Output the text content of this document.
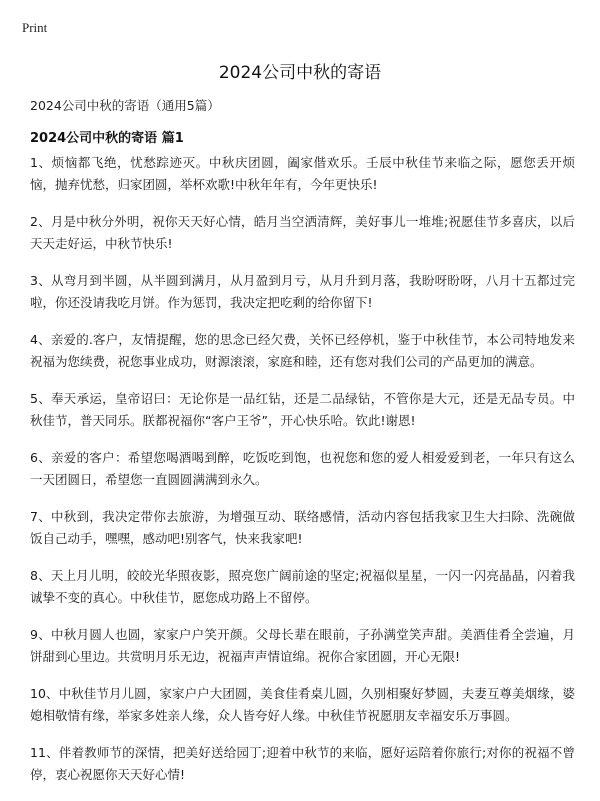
Print
2024公司中秋的寄语

2024公司中秋的寄语（通用5篇）

2024公司中秋的寄语 篇1

1、烦恼都飞绝，忧愁踪迹灭。中秋庆团圆，阖家偕欢乐。壬辰中秋佳节来临之际，愿您丢开烦恼，抛弃忧愁，归家团圆，举杯欢歌!中秋年年有，今年更快乐!

2、月是中秋分外明，祝你天天好心情，皓月当空洒清辉，美好事儿一堆堆;祝愿佳节多喜庆，以后天天走好运，中秋节快乐!

3、从弯月到半圆，从半圆到满月，从月盈到月亏，从月升到月落，我盼呀盼呀，八月十五都过完啦，你还没请我吃月饼。作为惩罚，我决定把吃剩的给你留下!

4、亲爱的.客户，友情提醒，您的思念已经欠费，关怀已经停机，鉴于中秋佳节，本公司特地发来祝福为您续费，祝您事业成功，财源滚滚，家庭和睦，还有您对我们公司的产品更加的满意。

5、奉天承运，皇帝诏曰：无论你是一品红钻，还是二品绿钻，不管你是大元，还是无品专员。中秋佳节，普天同乐。朕都祝福你“客户王爷”，开心快乐哈。钦此!谢恩!

6、亲爱的客户：希望您喝酒喝到醉，吃饭吃到饱，也祝您和您的爱人相爱爱到老，一年只有这么一天团圆日，希望您一直圆圆满满到永久。

7、中秋到，我决定带你去旅游，为增强互动、联络感情，活动内容包括我家卫生大扫除、洗碗做饭自己动手，嘿嘿，感动吧!别客气，快来我家吧!

8、天上月儿明，皎皎光华照夜影，照亮您广阔前途的坚定;祝福似星星，一闪一闪亮晶晶，闪着我诚挚不变的真心。中秋佳节，愿您成功路上不留停。

9、中秋月圆人也圆，家家户户笑开颜。父母长辈在眼前，子孙满堂笑声甜。美酒佳肴全尝遍，月饼甜到心里边。共赏明月乐无边，祝福声声情谊绵。祝你合家团圆，开心无限!

10、中秋佳节月儿圆，家家户户大团圆，美食佳肴桌儿圆，久别相聚好梦圆，夫妻互尊美烟缘，婆媳相敬情有缘，举家多姓亲人缘，众人皆夸好人缘。中秋佳节祝愿朋友幸福安乐万事圆。

11、伴着教师节的深情，把美好送给园丁;迎着中秋节的来临，愿好运陪着你旅行;对你的祝福不曾停，衷心祝愿你天天好心情!
